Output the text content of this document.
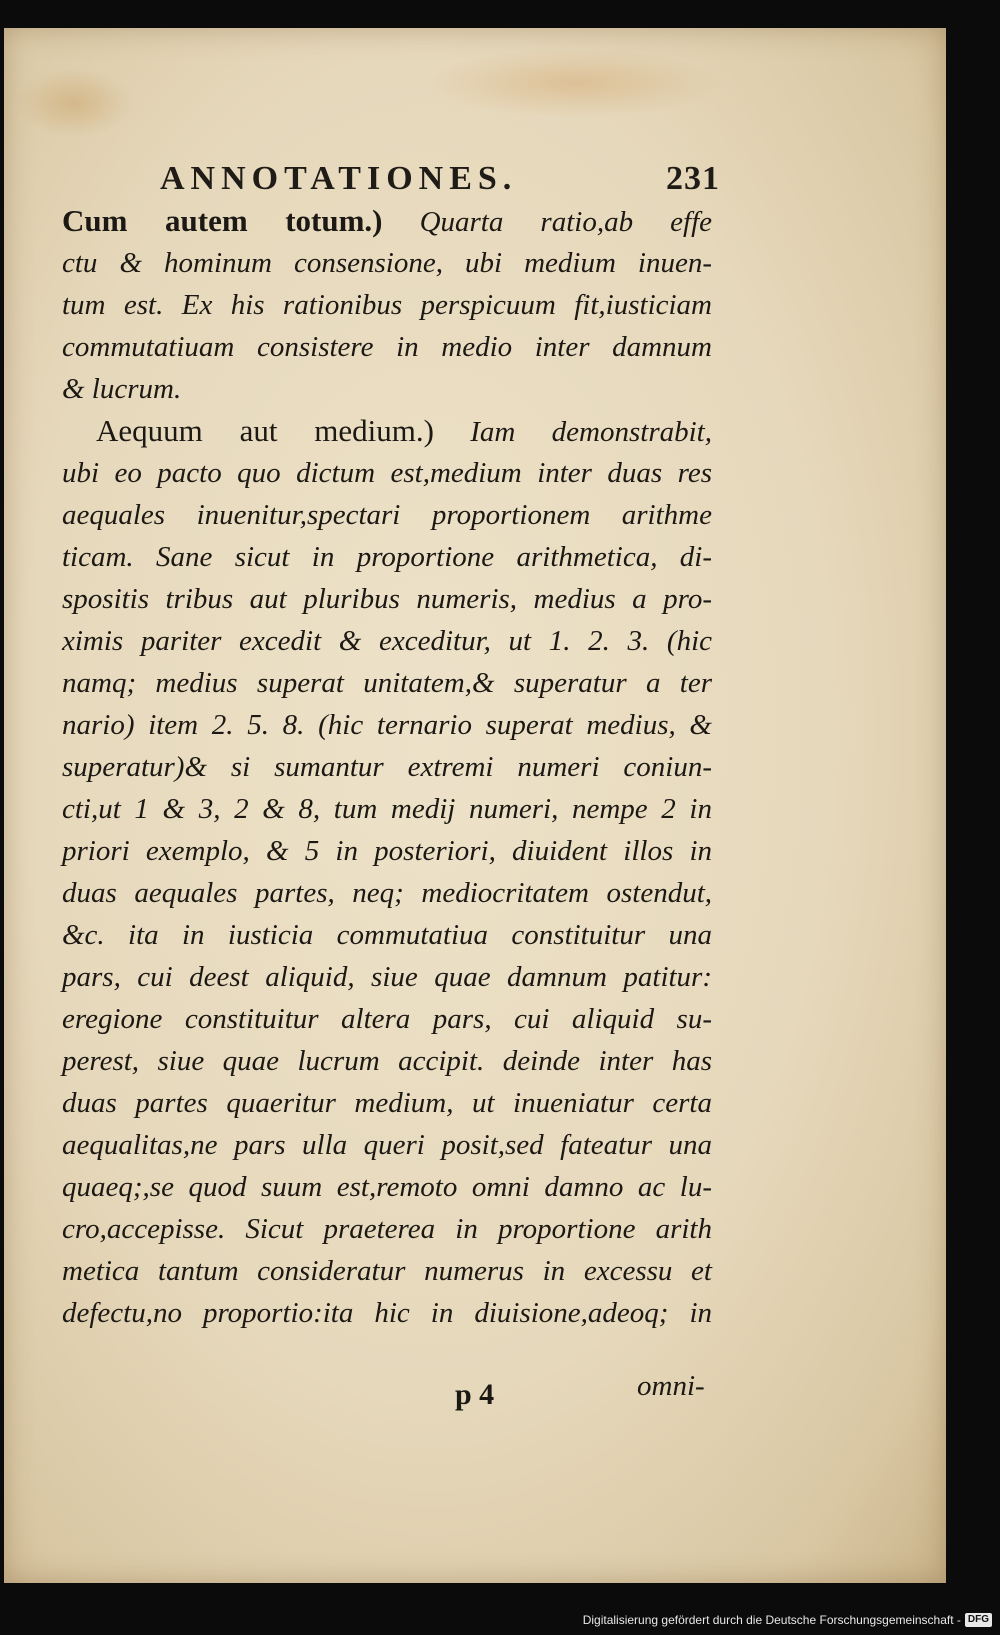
ANNOTATIONES.	231
Cum autem totum.) Quarta ratio,ab effe
ctu & hominum consensione, ubi medium inuen-
tum est. Ex his rationibus perspicuum fit,iusticiam
commutatiuam consistere in medio inter damnum
& lucrum.
Aequum aut medium.) Iam demonstrabit,
ubi eo pacto quo dictum est,medium inter duas res
aequales inuenitur,spectari proportionem arithme
ticam. Sane sicut in proportione arithmetica, di-
spositis tribus aut pluribus numeris, medius a pro-
ximis pariter excedit & exceditur, ut 1. 2. 3. (hic
namq; medius superat unitatem,& superatur a ter
nario) item 2. 5. 8. (hic ternario superat medius, &
superatur)& si sumantur extremi numeri coniun-
cti,ut 1 & 3, 2 & 8, tum medij numeri, nempe 2 in
priori exemplo, & 5 in posteriori, diuident illos in
duas aequales partes, neq; mediocritatem ostendut,
&c. ita in iusticia commutatiua constituitur una
pars, cui deest aliquid, siue quae damnum patitur:
eregione constituitur altera pars, cui aliquid su-
perest, siue quae lucrum accipit. deinde inter has
duas partes quaeritur medium, ut inueniatur certa
aequalitas,ne pars ulla queri posit,sed fateatur una
quaeq;,se quod suum est,remoto omni damno ac lu-
cro,accepisse. Sicut praeterea in proportione arith
metica tantum consideratur numerus in excessu et
defectu,no proportio:ita hic in diuisione,adeoq; in
p 4	omni-
Digitalisierung gefördert durch die Deutsche Forschungsgemeinschaft - DFG
